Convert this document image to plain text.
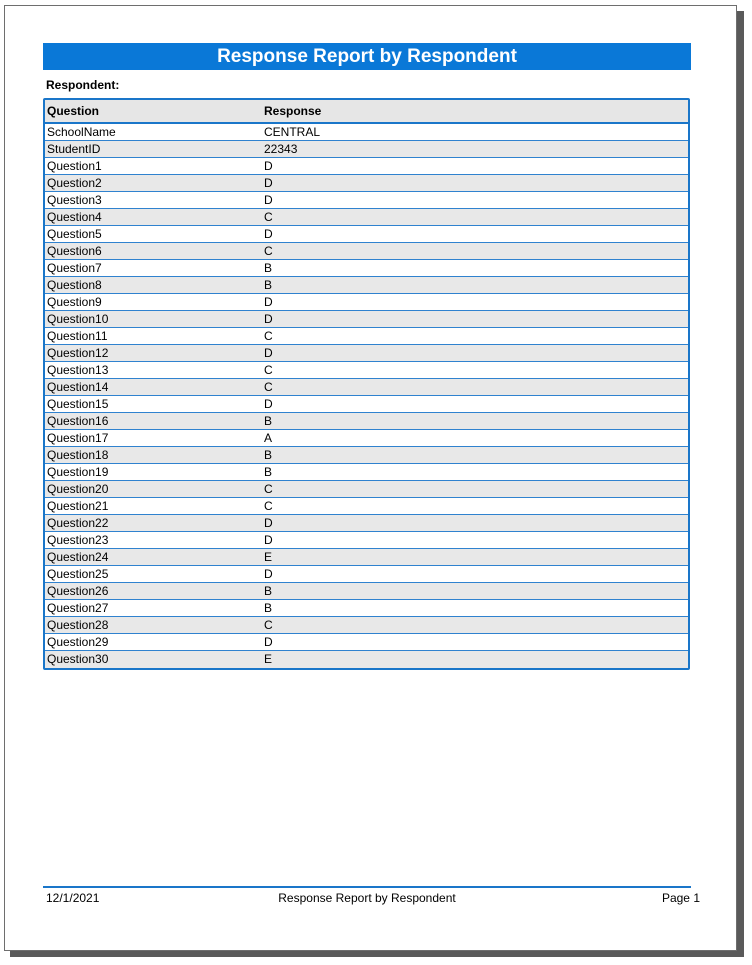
Response Report by Respondent
Respondent:
Question	Response
SchoolName	CENTRAL
StudentID	22343
Question1	D
Question2	D
Question3	D
Question4	C
Question5	D
Question6	C
Question7	B
Question8	B
Question9	D
Question10	D
Question11	C
Question12	D
Question13	C
Question14	C
Question15	D
Question16	B
Question17	A
Question18	B
Question19	B
Question20	C
Question21	C
Question22	D
Question23	D
Question24	E
Question25	D
Question26	B
Question27	B
Question28	C
Question29	D
Question30	E
12/1/2021	Response Report by Respondent	Page 1
